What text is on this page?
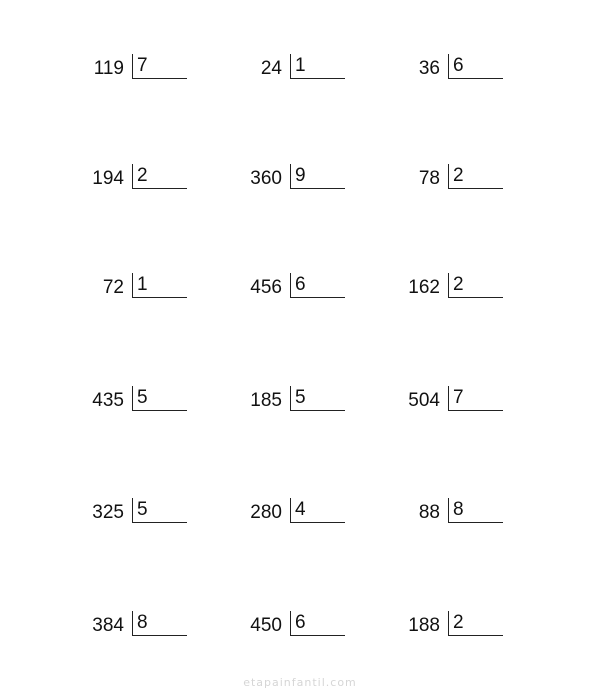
119 7	24 1	36 6
194 2	360 9	78 2
72 1	456 6	162 2
435 5	185 5	504 7
325 5	280 4	88 8
384 8	450 6	188 2
etapainfantil.com
